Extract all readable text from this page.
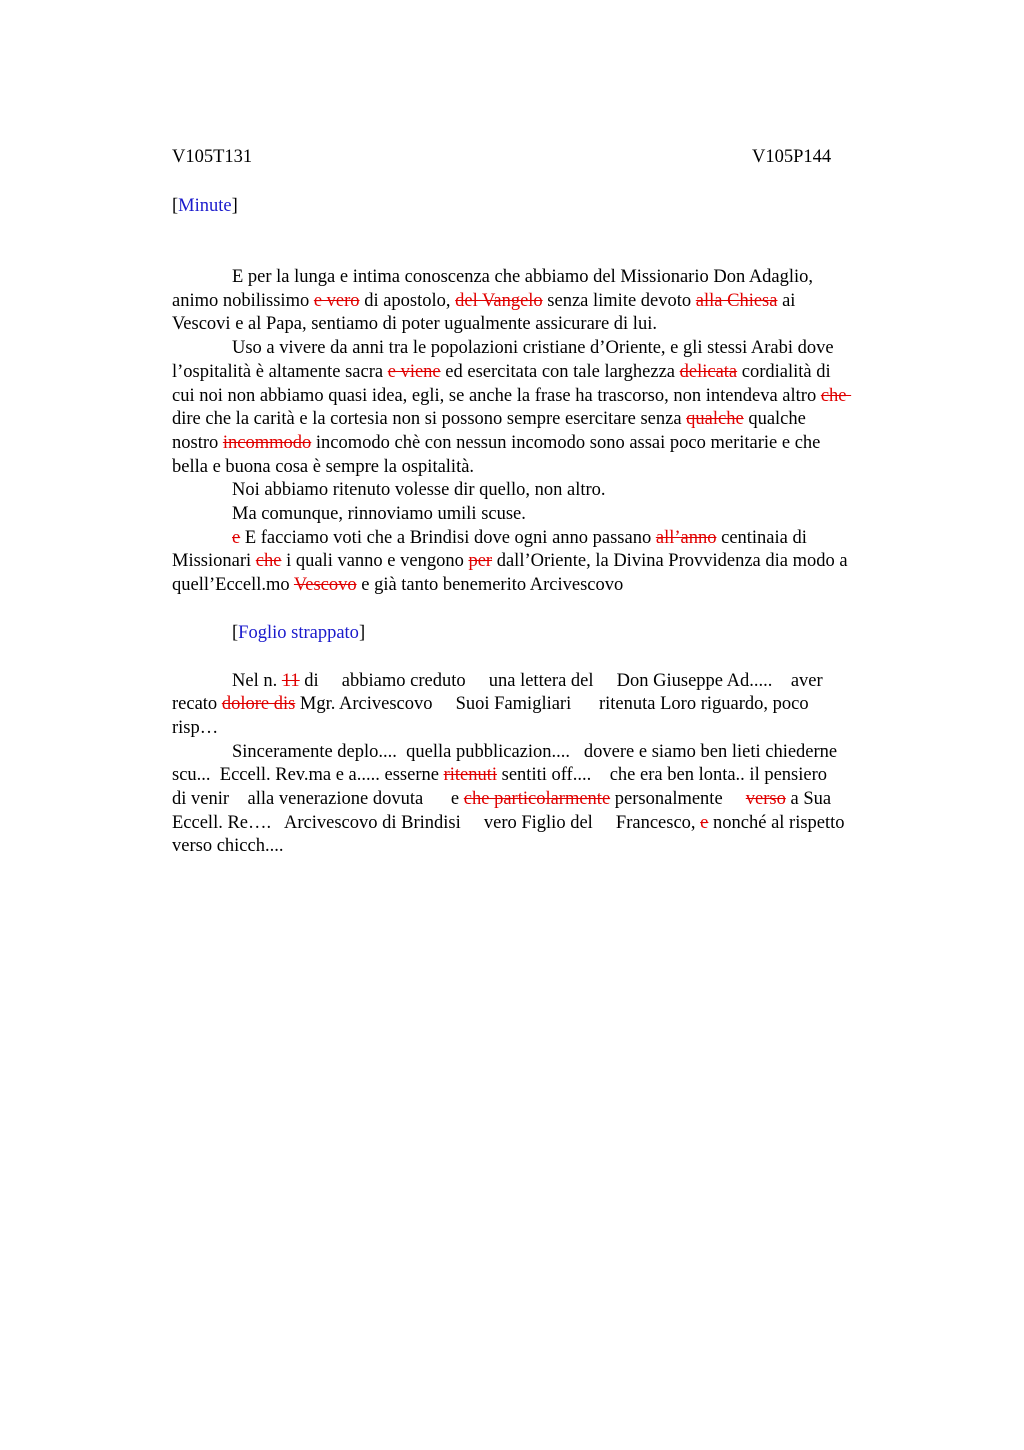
V105T131	V105P144
[Minute]

E per la lunga e intima conoscenza che abbiamo del Missionario Don Adaglio,
animo nobilissimo e vero di apostolo, del Vangelo senza limite devoto alla Chiesa ai
Vescovi e al Papa, sentiamo di poter ugualmente assicurare di lui.

Uso a vivere da anni tra le popolazioni cristiane d’Oriente, e gli stessi Arabi dove
l’ospitalità è altamente sacra e viene ed esercitata con tale larghezza delicata cordialità di
cui noi non abbiamo quasi idea, egli, se anche la frase ha trascorso, non intendeva altro che
dire che la carità e la cortesia non si possono sempre esercitare senza qualche qualche
nostro incommodo incomodo chè con nessun incomodo sono assai poco meritarie e che
bella e buona cosa è sempre la ospitalità.

Noi abbiamo ritenuto volesse dir quello, non altro.

Ma comunque, rinnoviamo umili scuse.

e E facciamo voti che a Brindisi dove ogni anno passano all’anno centinaia di
Missionari che i quali vanno e vengono per dall’Oriente, la Divina Provvidenza dia modo a
quell’Eccell.mo Vescovo e già tanto benemerito Arcivescovo

[Foglio strappato]

Nel n. 11 di     abbiamo creduto     una lettera del     Don Giuseppe Ad.....    aver
recato dolore dis Mgr. Arcivescovo     Suoi Famigliari      ritenuta Loro riguardo, poco
risp…

Sinceramente deplo....  quella pubblicazion....   dovere e siamo ben lieti chiederne
scu...  Eccell. Rev.ma e a..... esserne ritenuti sentiti off....    che era ben lonta.. il pensiero
di venir    alla venerazione dovuta      e che particolarmente personalmente     verso a Sua
Eccell. Re….   Arcivescovo di Brindisi     vero Figlio del     Francesco, e nonché al rispetto
verso chicch....
